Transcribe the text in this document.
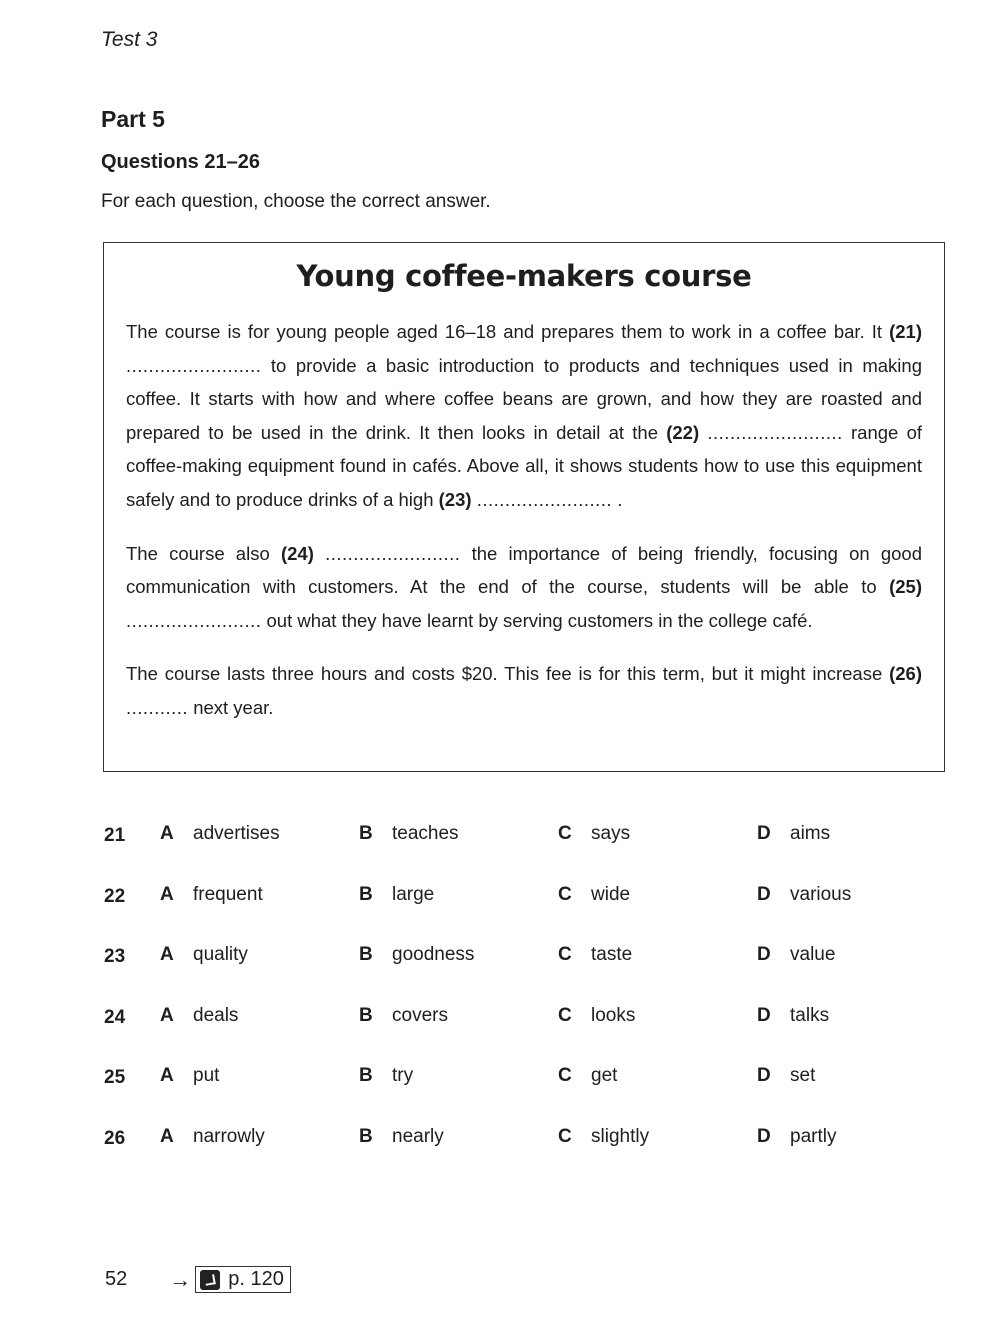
Test 3
Part 5
Questions 21–26
For each question, choose the correct answer.
Young coffee-makers course

The course is for young people aged 16–18 and prepares them to work in a coffee bar. It (21) ........................ to provide a basic introduction to products and techniques used in making coffee. It starts with how and where coffee beans are grown, and how they are roasted and prepared to be used in the drink. It then looks in detail at the (22) ........................ range of coffee-making equipment found in cafés. Above all, it shows students how to use this equipment safely and to produce drinks of a high (23) ........................ .

The course also (24) ........................ the importance of being friendly, focusing on good communication with customers. At the end of the course, students will be able to (25) ........................ out what they have learnt by serving customers in the college café.

The course lasts three hours and costs $20. This fee is for this term, but it might increase (26) ........... next year.

21 A advertises	B teaches	C says	D aims
22 A frequent	B large	C wide	D various
23 A quality	B goodness	C taste	D value
24 A deals	B covers	C looks	D talks
25 A put	B try	C get	D set
26 A narrowly	B nearly	C slightly	D partly
52 → p. 120
